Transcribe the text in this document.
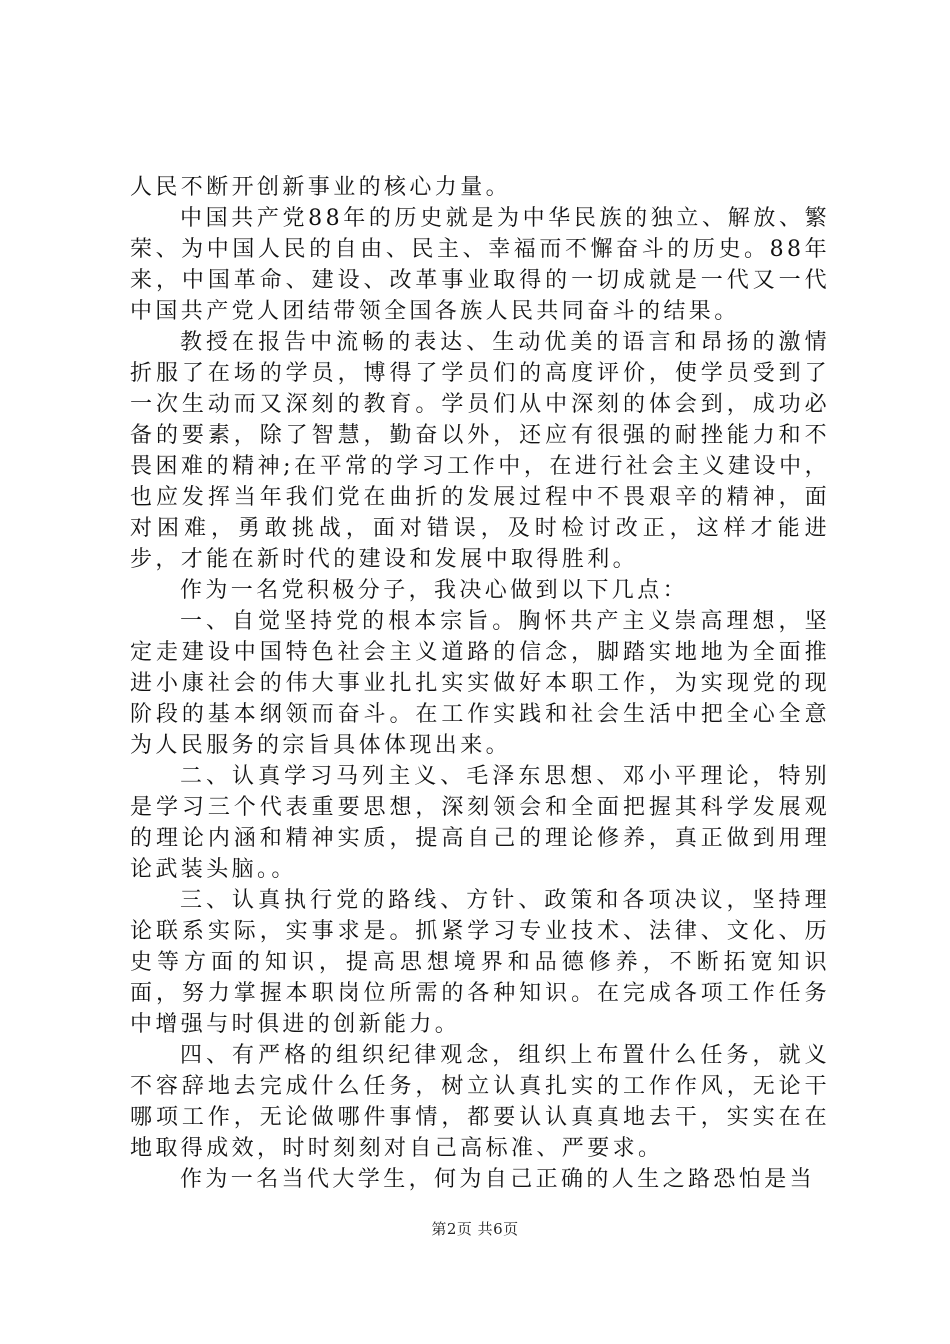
人民不断开创新事业的核心力量。

中国共产党88年的历史就是为中华民族的独立、解放、繁荣、为中国人民的自由、民主、幸福而不懈奋斗的历史。88年来，中国革命、建设、改革事业取得的一切成就是一代又一代中国共产党人团结带领全国各族人民共同奋斗的结果。

教授在报告中流畅的表达、生动优美的语言和昂扬的激情折服了在场的学员，博得了学员们的高度评价，使学员受到了一次生动而又深刻的教育。学员们从中深刻的体会到，成功必备的要素，除了智慧，勤奋以外，还应有很强的耐挫能力和不畏困难的精神;在平常的学习工作中，在进行社会主义建设中，也应发挥当年我们党在曲折的发展过程中不畏艰辛的精神，面对困难，勇敢挑战，面对错误，及时检讨改正，这样才能进步，才能在新时代的建设和发展中取得胜利。

作为一名党积极分子，我决心做到以下几点：

一、自觉坚持党的根本宗旨。胸怀共产主义崇高理想，坚定走建设中国特色社会主义道路的信念，脚踏实地地为全面推进小康社会的伟大事业扎扎实实做好本职工作，为实现党的现阶段的基本纲领而奋斗。在工作实践和社会生活中把全心全意为人民服务的宗旨具体体现出来。

二、认真学习马列主义、毛泽东思想、邓小平理论，特别是学习三个代表重要思想，深刻领会和全面把握其科学发展观的理论内涵和精神实质，提高自己的理论修养，真正做到用理论武装头脑。。

三、认真执行党的路线、方针、政策和各项决议，坚持理论联系实际，实事求是。抓紧学习专业技术、法律、文化、历史等方面的知识，提高思想境界和品德修养，不断拓宽知识面，努力掌握本职岗位所需的各种知识。在完成各项工作任务中增强与时俱进的创新能力。

四、有严格的组织纪律观念，组织上布置什么任务，就义不容辞地去完成什么任务，树立认真扎实的工作作风，无论干哪项工作，无论做哪件事情，都要认认真真地去干，实实在在地取得成效，时时刻刻对自己高标准、严要求。

作为一名当代大学生，何为自己正确的人生之路恐怕是当

第2页 共6页
